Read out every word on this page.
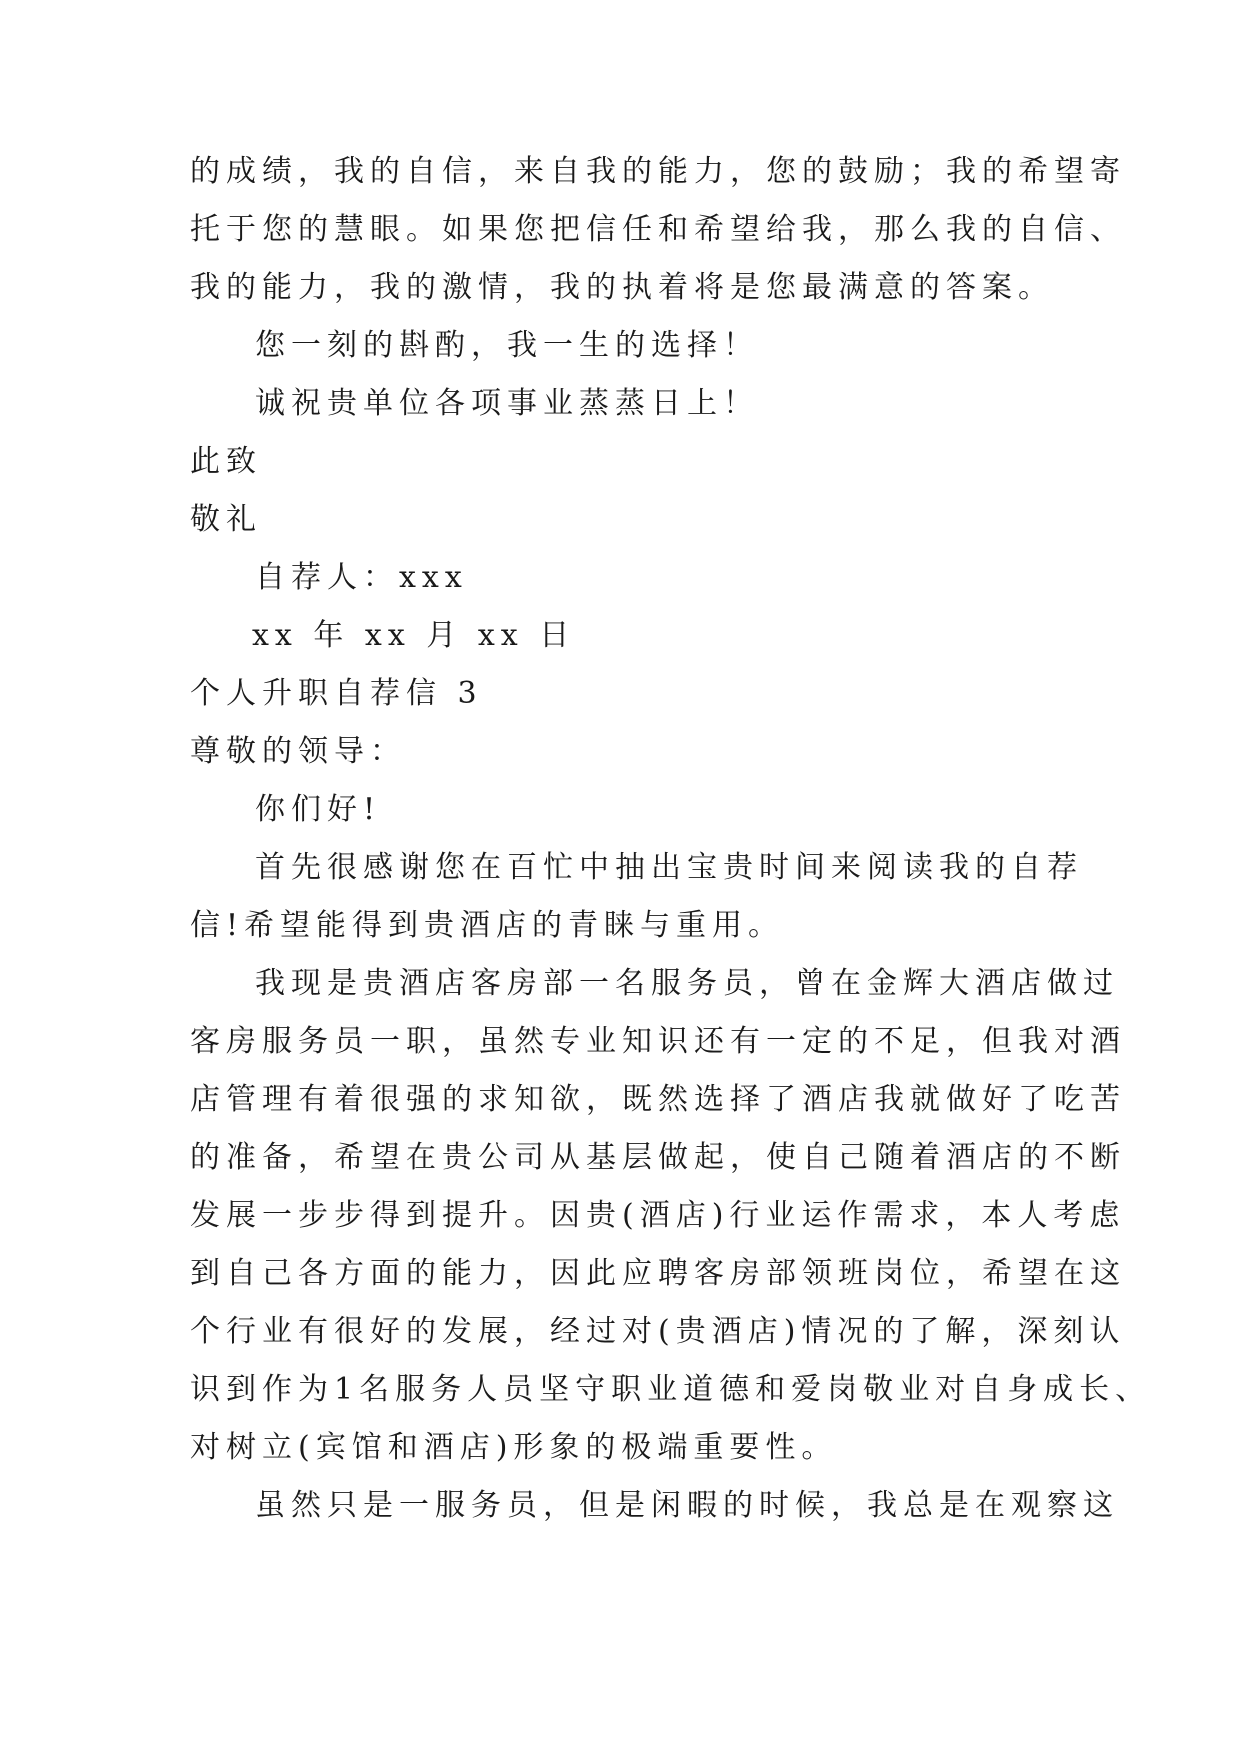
的成绩，我的自信，来自我的能力，您的鼓励；我的希望寄
托于您的慧眼。如果您把信任和希望给我，那么我的自信、
我的能力，我的激情，我的执着将是您最满意的答案。
您一刻的斟酌，我一生的选择！
诚祝贵单位各项事业蒸蒸日上！
此致
敬礼
自荐人：xxx
xx 年 xx 月 xx 日
个人升职自荐信 3
尊敬的领导：
你们好!
首先很感谢您在百忙中抽出宝贵时间来阅读我的自荐
信!希望能得到贵酒店的青睐与重用。
我现是贵酒店客房部一名服务员，曾在金辉大酒店做过
客房服务员一职，虽然专业知识还有一定的不足，但我对酒
店管理有着很强的求知欲，既然选择了酒店我就做好了吃苦
的准备，希望在贵公司从基层做起，使自己随着酒店的不断
发展一步步得到提升。因贵(酒店)行业运作需求，本人考虑
到自己各方面的能力，因此应聘客房部领班岗位，希望在这
个行业有很好的发展，经过对(贵酒店)情况的了解，深刻认
识到作为1名服务人员坚守职业道德和爱岗敬业对自身成长、
对树立(宾馆和酒店)形象的极端重要性。
虽然只是一服务员，但是闲暇的时候，我总是在观察这
